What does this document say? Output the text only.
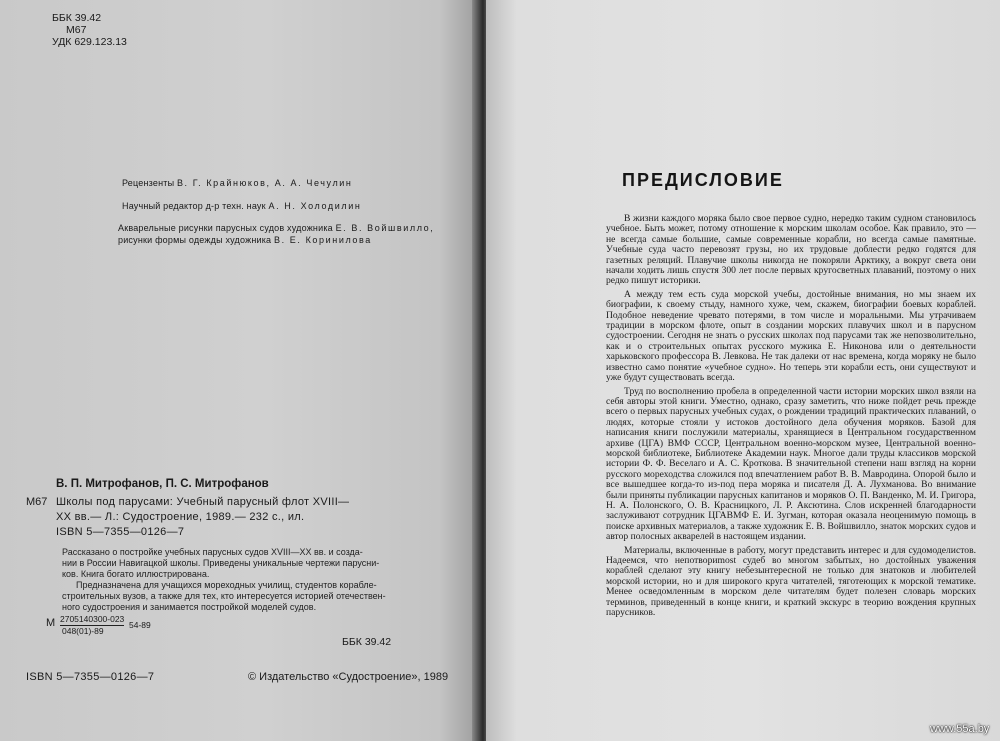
ББК 39.42
М67
УДК 629.123.13
Рецензенты В. Г. Крайнюков, А. А. Чечулин
Научный редактор д-р техн. наук А. Н. Холодилин
Акварельные рисунки парусных судов художника Е. В. Войшвилло,
рисунки формы одежды художника В. Е. Коринилова
В. П. Митрофанов, П. С. Митрофанов
М67 Школы под парусами: Учебный парусный флот XVIII—
XX вв.— Л.: Судостроение, 1989.— 232 с., ил.
ISBN 5—7355—0126—7
Рассказано о постройке учебных парусных судов XVIII—XX вв. и созда-
нии в России Навигацкой школы. Приведены уникальные чертежи парусни-
ков. Книга богато иллюстрирована.
Предназначена для учащихся мореходных училищ, студентов корабле-
строительных вузов, а также для тех, кто интересуется историей отечествен-
ного судостроения и занимается постройкой моделей судов.
М 2705140300-023
048(01)-89
54-89
ББК 39.42
ISBN 5—7355—0126—7	© Издательство «Судостроение», 1989
ПРЕДИСЛОВИЕ

В жизни каждого моряка было свое первое судно, нередко таким судном становилось учебное. Быть может, потому отношение к морским школам особое. Как правило, это — не всегда самые большие, самые современные корабли, но всегда самые памятные. Учебные суда часто перевозят грузы, но их трудовые доблести редко годятся для газетных реляций. Плавучие школы никогда не покоряли Арктику, а вокруг света они начали ходить лишь спустя 300 лет после первых кругосветных плаваний, поэтому о них редко пишут историки.

А между тем есть суда морской учебы, достойные внимания, но мы знаем их биографии, к своему стыду, намного хуже, чем, скажем, биографии боевых кораблей. Подобное неведение чревато потерями, в том числе и моральными. Мы утрачиваем традиции в морском флоте, опыт в создании морских плавучих школ и в парусном судостроении. Сегодня не знать о русских школах под парусами так же непозволительно, как и о строительных опытах русского мужика Е. Никонова или о деятельности харьковского профессора В. Левкова. Не так далеки от нас времена, когда моряку не было известно само понятие «учебное судно». Но теперь эти корабли есть, они существуют и уже будут существовать всегда.

Труд по восполнению пробела в определенной части истории морских школ взяли на себя авторы этой книги. Уместно, однако, сразу заметить, что ниже пойдет речь прежде всего о первых парусных учебных судах, о рождении традиций практических плаваний, о людях, которые стояли у истоков достойного дела обучения моряков. Базой для написания книги послужили материалы, хранящиеся в Центральном государственном архиве (ЦГА) ВМФ СССР, Центральном военно-морском музее, Центральной военно-морской библиотеке, Библиотеке Академии наук. Многое дали труды классиков морской истории Ф. Ф. Веселаго и А. С. Кроткова. В значительной степени наш взгляд на корни русского мореходства сложился под впечатлением работ В. В. Мавродина. Опорой было и все вышедшее когда-то из-под пера моряка и писателя Д. А. Лухманова. Во внимание были приняты публикации парусных капитанов и моряков О. П. Ванденко, М. И. Григора, Н. А. Полонского, О. В. Красницкого, Л. Р. Аксютина. Слов искренней благодарности заслуживают сотрудник ЦГАВМФ Е. И. Зугман, которая оказала неоценимую помощь в поиске архивных материалов, а также художник Е. В. Войшвилло, знаток морских судов и автор полосных акварелей в настоящем издании.

Материалы, включенные в работу, могут представить интерес и для судомоделистов. Надеемся, что непотвориmost судеб во многом забытых, но достойных уважения кораблей сделают эту книгу небезынтересной не только для знатоков и любителей морской истории, но и для широкого круга читателей, тяготеющих к морской тематике. Менее осведомленным в морском деле читателям будет полезен словарь морских терминов, приведенный в конце книги, и краткий экскурс в теорию вождения крупных парусников.

www.55a.by
